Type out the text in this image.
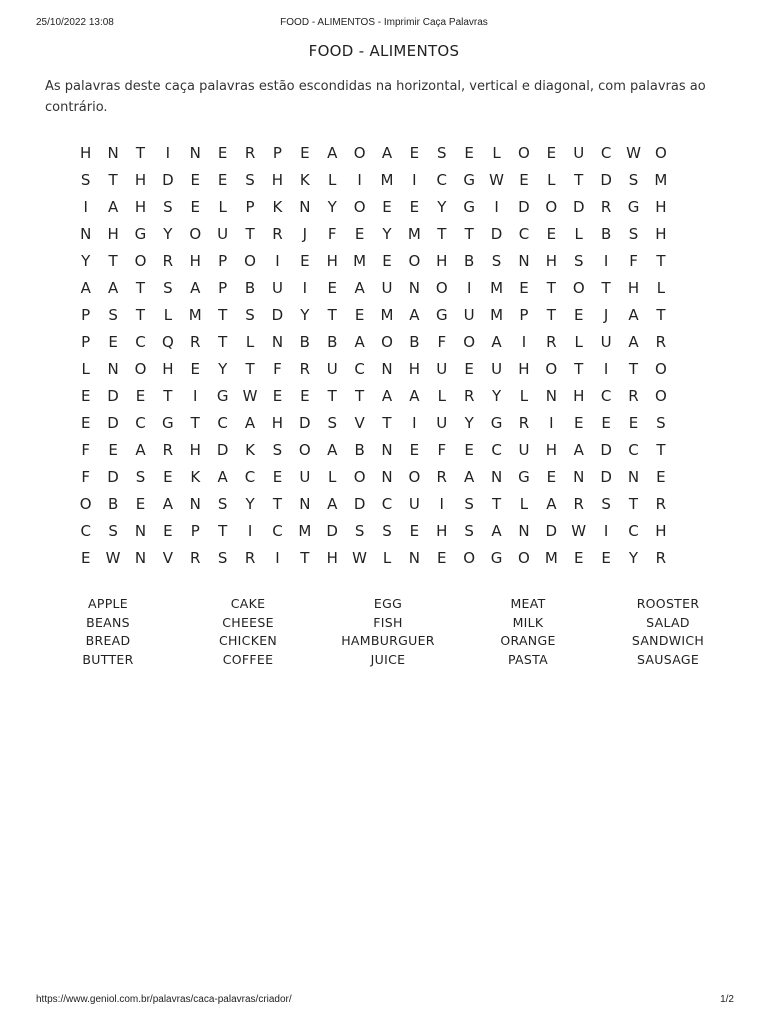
25/10/2022 13:08	FOOD - ALIMENTOS - Imprimir Caça Palavras
FOOD - ALIMENTOS

As palavras deste caça palavras estão escondidas na horizontal, vertical e diagonal, com palavras ao contrário.

H	N	T	I	N	E	R	P	E	A	O	A	E	S	E	L	O	E	U	C W O
S	T	H	D	E	E	S	H	K	L	I	M	I	C	G W	E	L	T	D	S	M
I	A	H	S	E	L	P	K	N	Y	O	E	E	Y	G	I	D	O	D	R	G	H
N	H	G	Y	O	U	T	R	J	F	E	Y	M	T	T	D	C	E	L	B	S	H
Y	T	O	R	H	P	O	I	E	H	M	E	O	H	B	S	N	H	S	I	F	T
A	A	T	S	A	P	B	U	I	E	A	U	N	O	I	M	E	T	O	T	H	L
P	S	T	L	M	T	S	D	Y	T	E	M	A	G	U	M	P	T	E	J	A	T
P	E	C	Q	R	T	L	N	B	B	A	O	B	F	O	A	I	R	L	U	A	R
L	N	O	H	E	Y	T	F	R	U	C	N	H	U	E	U	H	O	T	I	T	O
E	D	E	T	I	G W	E	E	T	T	A	A	L	R	Y	L	N	H	C	R	O
E	D	C	G	T	C	A	H	D	S	V	T	I	U	Y	G	R	I	E	E	E	S
F	E	A	R	H	D	K	S	O	A	B	N	E	F	E	C	U	H	A	D	C	T
F	D	S	E	K	A	C	E	U	L	O	N	O	R	A	N	G	E	N	D	N	E
O	B	E	A	N	S	Y	T	N	A	D	C	U	I	S	T	L	A	R	S	T	R
C	S	N	E	P	T	I	C	M	D	S	S	E	H	S	A	N	D W	I	C	H
E	W N	V	R	S	R	I	T	H W	L	N	E	O	G	O	M	E	E	Y	R
APPLE
BEANS
BREAD
BUTTER
CAKE
CHEESE
CHICKEN
COFFEE
EGG
FISH
HAMBURGUER
JUICE
MEAT
MILK
ORANGE
PASTA
ROOSTER
SALAD
SANDWICH
SAUSAGE
https://www.geniol.com.br/palavras/caca-palavras/criador/	1/2
